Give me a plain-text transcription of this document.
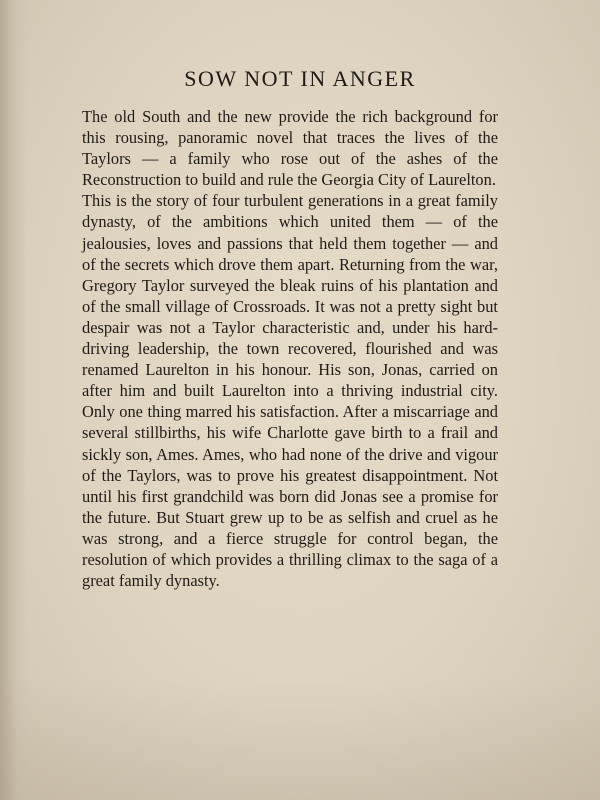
SOW NOT IN ANGER

The old South and the new provide the rich background for this rousing, panoramic novel that traces the lives of the Taylors — a family who rose out of the ashes of the Reconstruction to build and rule the Georgia City of Laurelton.

This is the story of four turbulent generations in a great family dynasty, of the ambitions which united them — of the jealousies, loves and passions that held them together — and of the secrets which drove them apart. Returning from the war, Gregory Taylor surveyed the bleak ruins of his plantation and of the small village of Crossroads. It was not a pretty sight but despair was not a Taylor characteristic and, under his hard-driving leadership, the town recovered, flourished and was renamed Laurelton in his honour. His son, Jonas, carried on after him and built Laurelton into a thriving industrial city. Only one thing marred his satisfaction. After a miscarriage and several stillbirths, his wife Charlotte gave birth to a frail and sickly son, Ames. Ames, who had none of the drive and vigour of the Taylors, was to prove his greatest disappointment. Not until his first grandchild was born did Jonas see a promise for the future. But Stuart grew up to be as selfish and cruel as he was strong, and a fierce struggle for control began, the resolution of which provides a thrilling climax to the saga of a great family dynasty.
